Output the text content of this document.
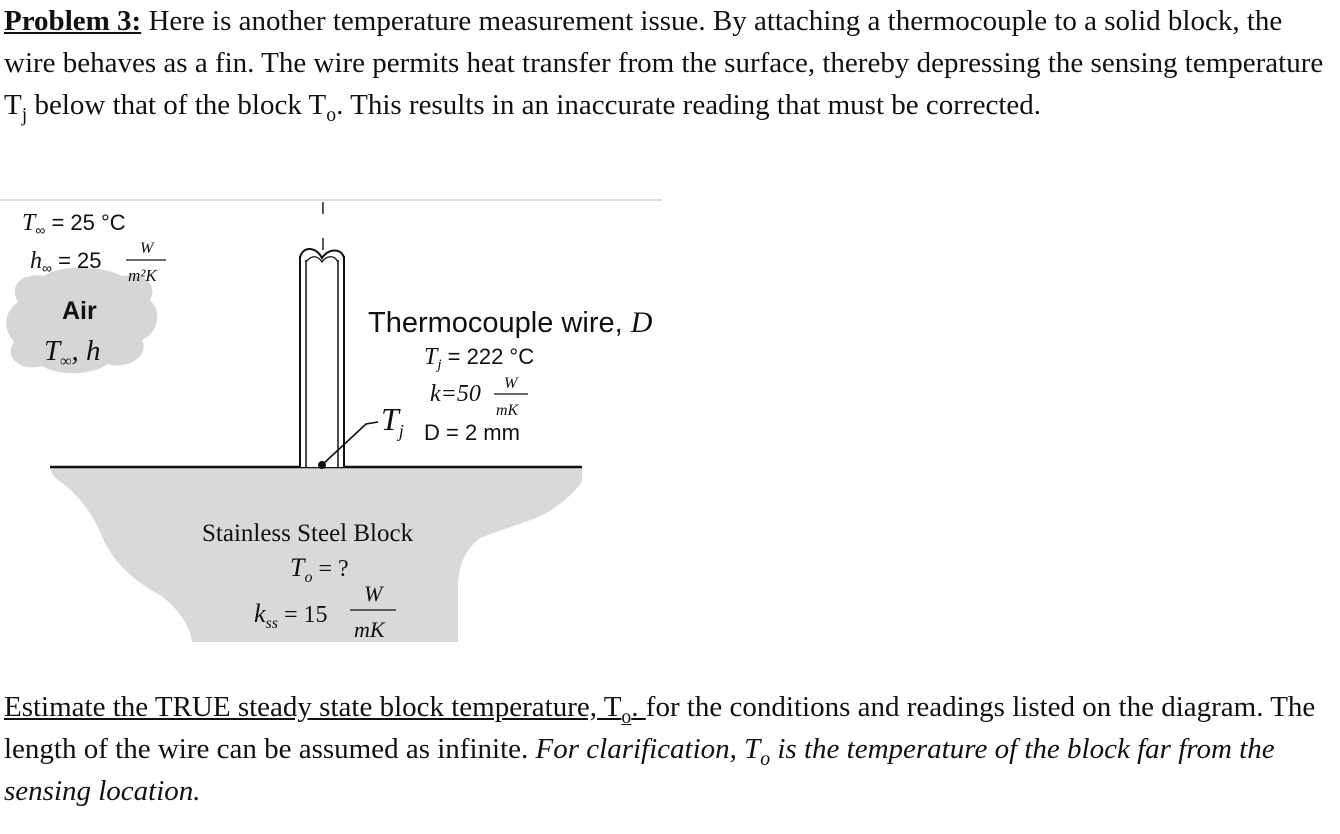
Problem 3: Here is another temperature measurement issue. By attaching a thermocouple to a solid block, the wire behaves as a fin. The wire permits heat transfer from the surface, thereby depressing the sensing temperature $T_j$ below that of the block $T_o$. This results in an inaccurate reading that must be corrected.

$T_\infty = 25$ °C
$h_\infty = 25$ W
m²K
Air
$T_\infty$, h
Thermocouple wire, D
$T_j = 222$ °C
k=50 W
mK
$T_j$ D = 2 mm
Stainless Steel Block
$T_o$ = ?
$k_{ss} = 15$
W
mK

Estimate the TRUE steady state block temperature, $T_o$. for the conditions and readings listed on the diagram. The length of the wire can be assumed as infinite. For clarification, $T_o$ is the temperature of the block far from the sensing location.
